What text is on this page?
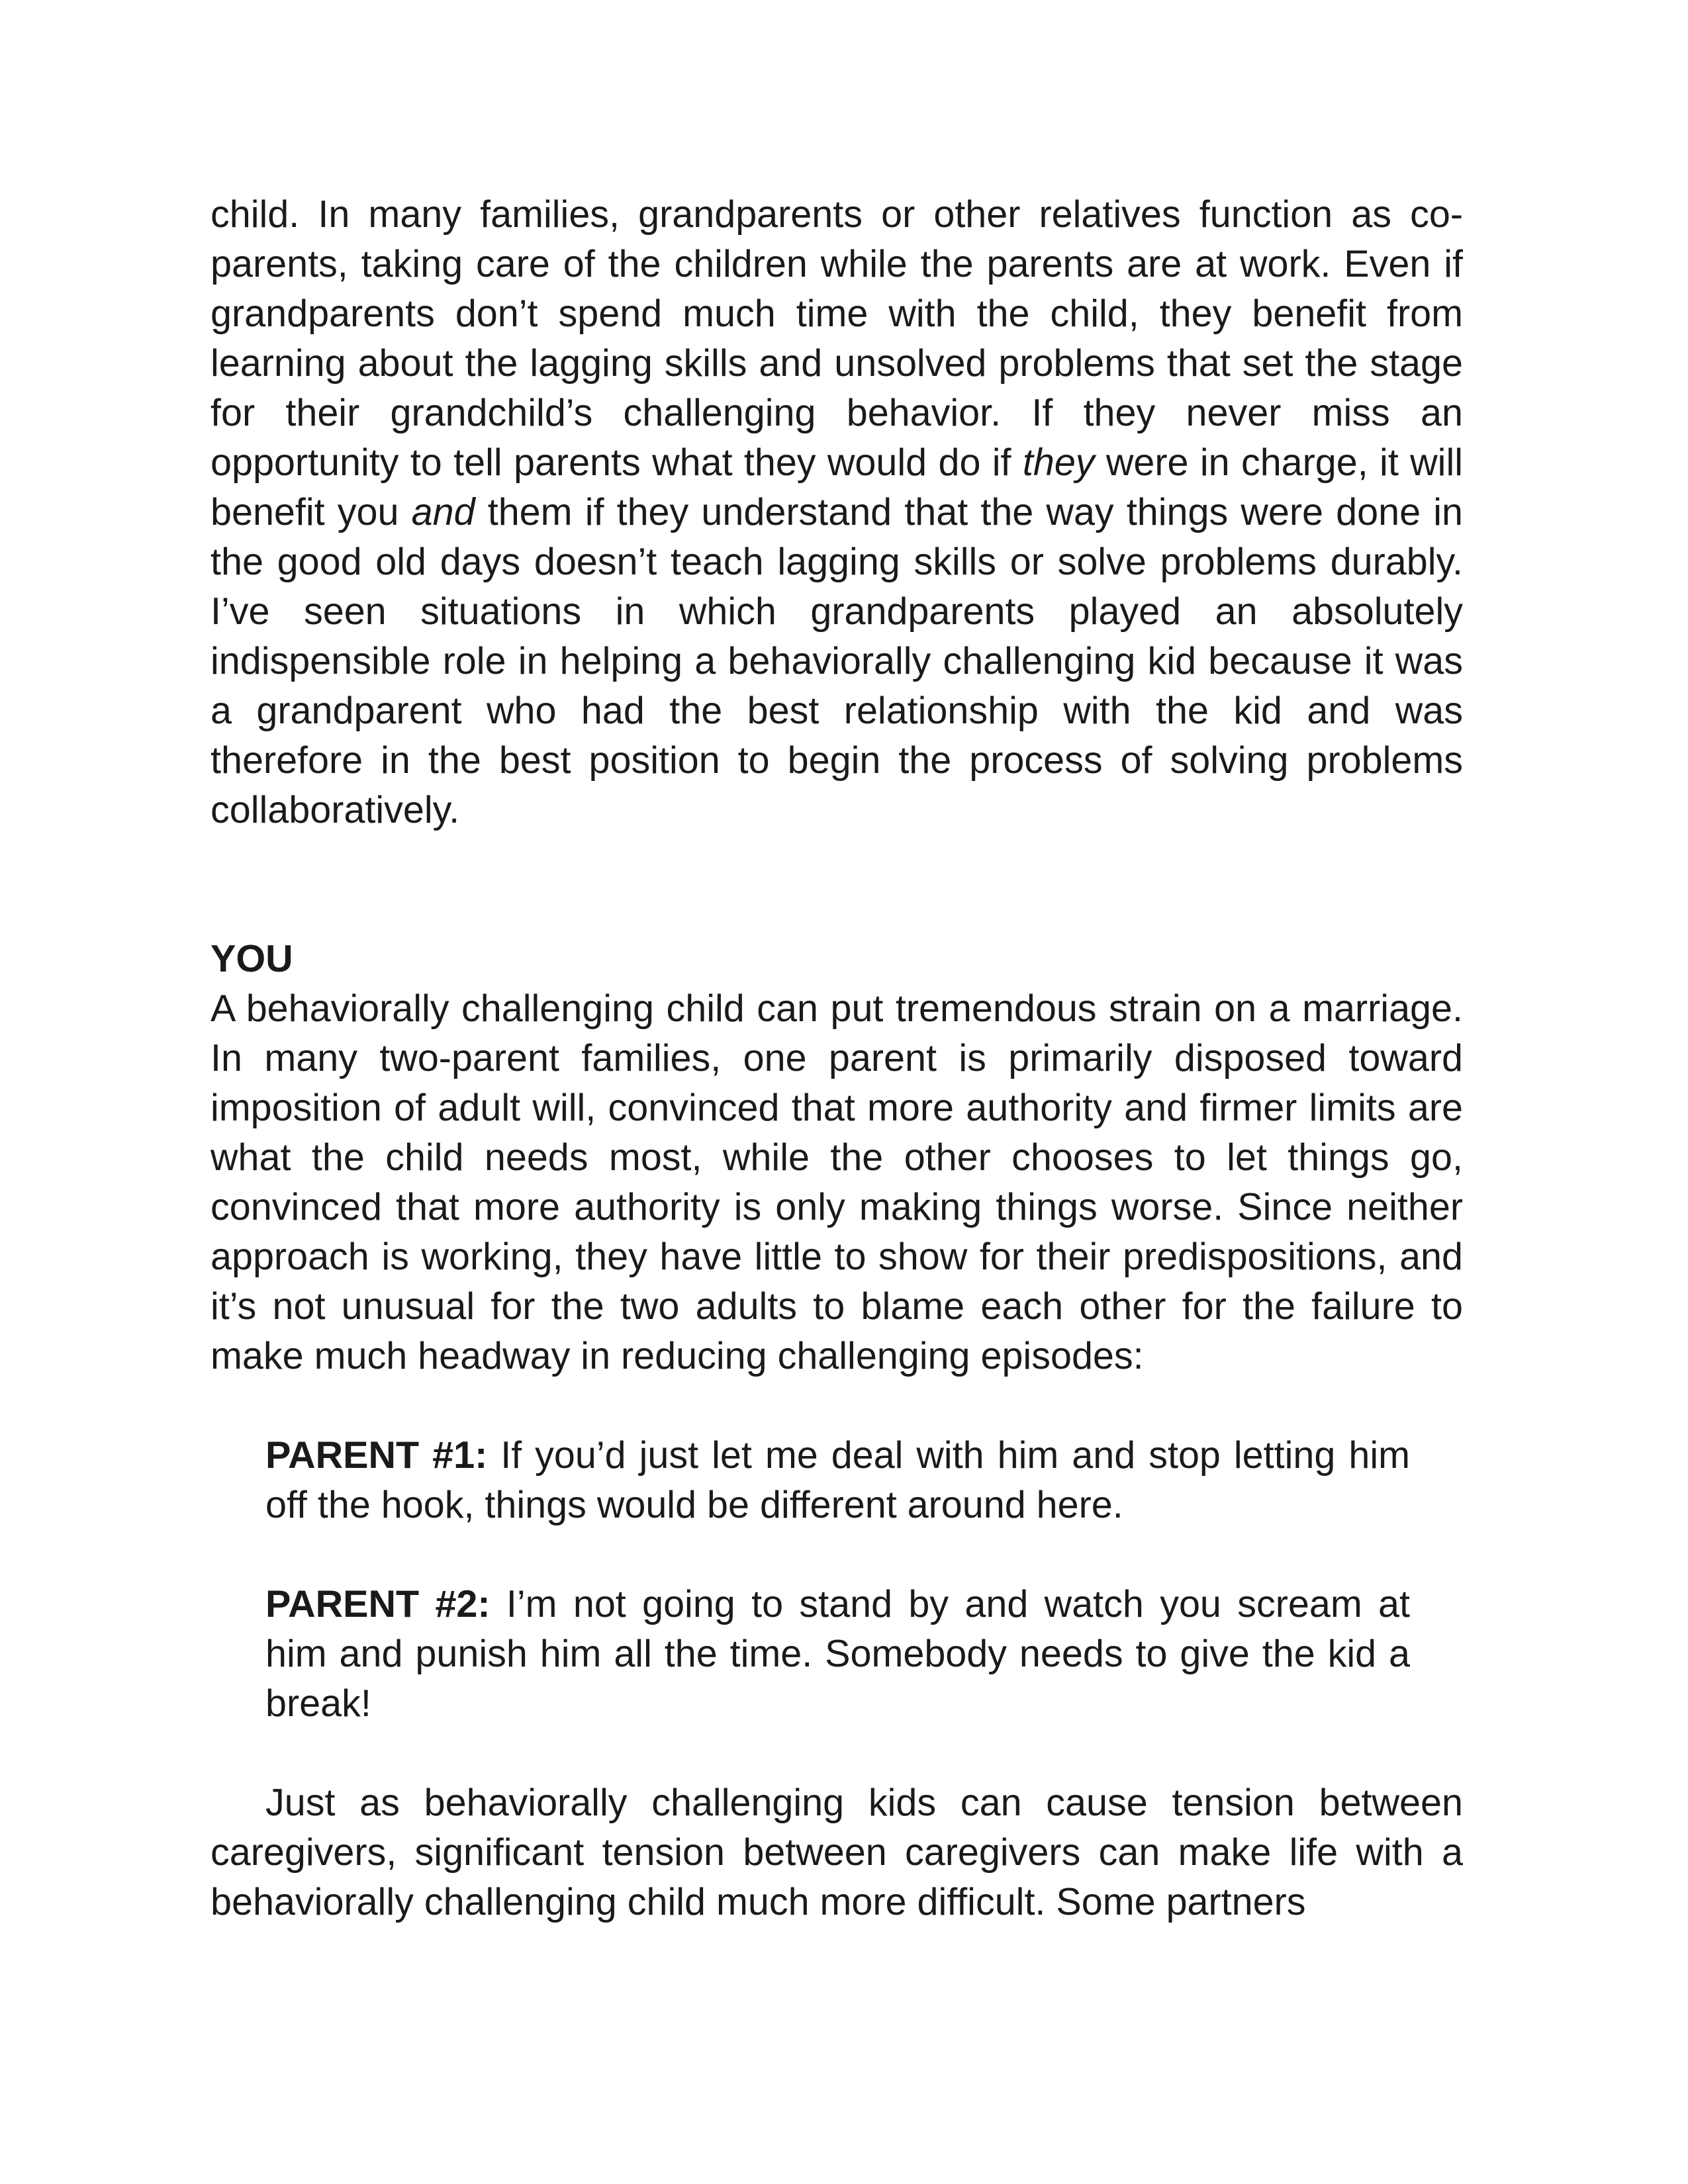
child. In many families, grandparents or other relatives function as co-parents, taking care of the children while the parents are at work. Even if grandparents don’t spend much time with the child, they benefit from learning about the lagging skills and unsolved problems that set the stage for their grandchild’s challenging behavior. If they never miss an opportunity to tell parents what they would do if they were in charge, it will benefit you and them if they understand that the way things were done in the good old days doesn’t teach lagging skills or solve problems durably. I’ve seen situations in which grandparents played an absolutely indispensible role in helping a behaviorally challenging kid because it was a grandparent who had the best relationship with the kid and was therefore in the best position to begin the process of solving problems collaboratively.

YOU

A behaviorally challenging child can put tremendous strain on a marriage. In many two-parent families, one parent is primarily disposed toward imposition of adult will, convinced that more authority and firmer limits are what the child needs most, while the other chooses to let things go, convinced that more authority is only making things worse. Since neither approach is working, they have little to show for their predispositions, and it’s not unusual for the two adults to blame each other for the failure to make much headway in reducing challenging episodes:

PARENT #1: If you’d just let me deal with him and stop letting him off the hook, things would be different around here.

PARENT #2: I’m not going to stand by and watch you scream at him and punish him all the time. Somebody needs to give the kid a break!

Just as behaviorally challenging kids can cause tension between caregivers, significant tension between caregivers can make life with a behaviorally challenging child much more difficult. Some partners
